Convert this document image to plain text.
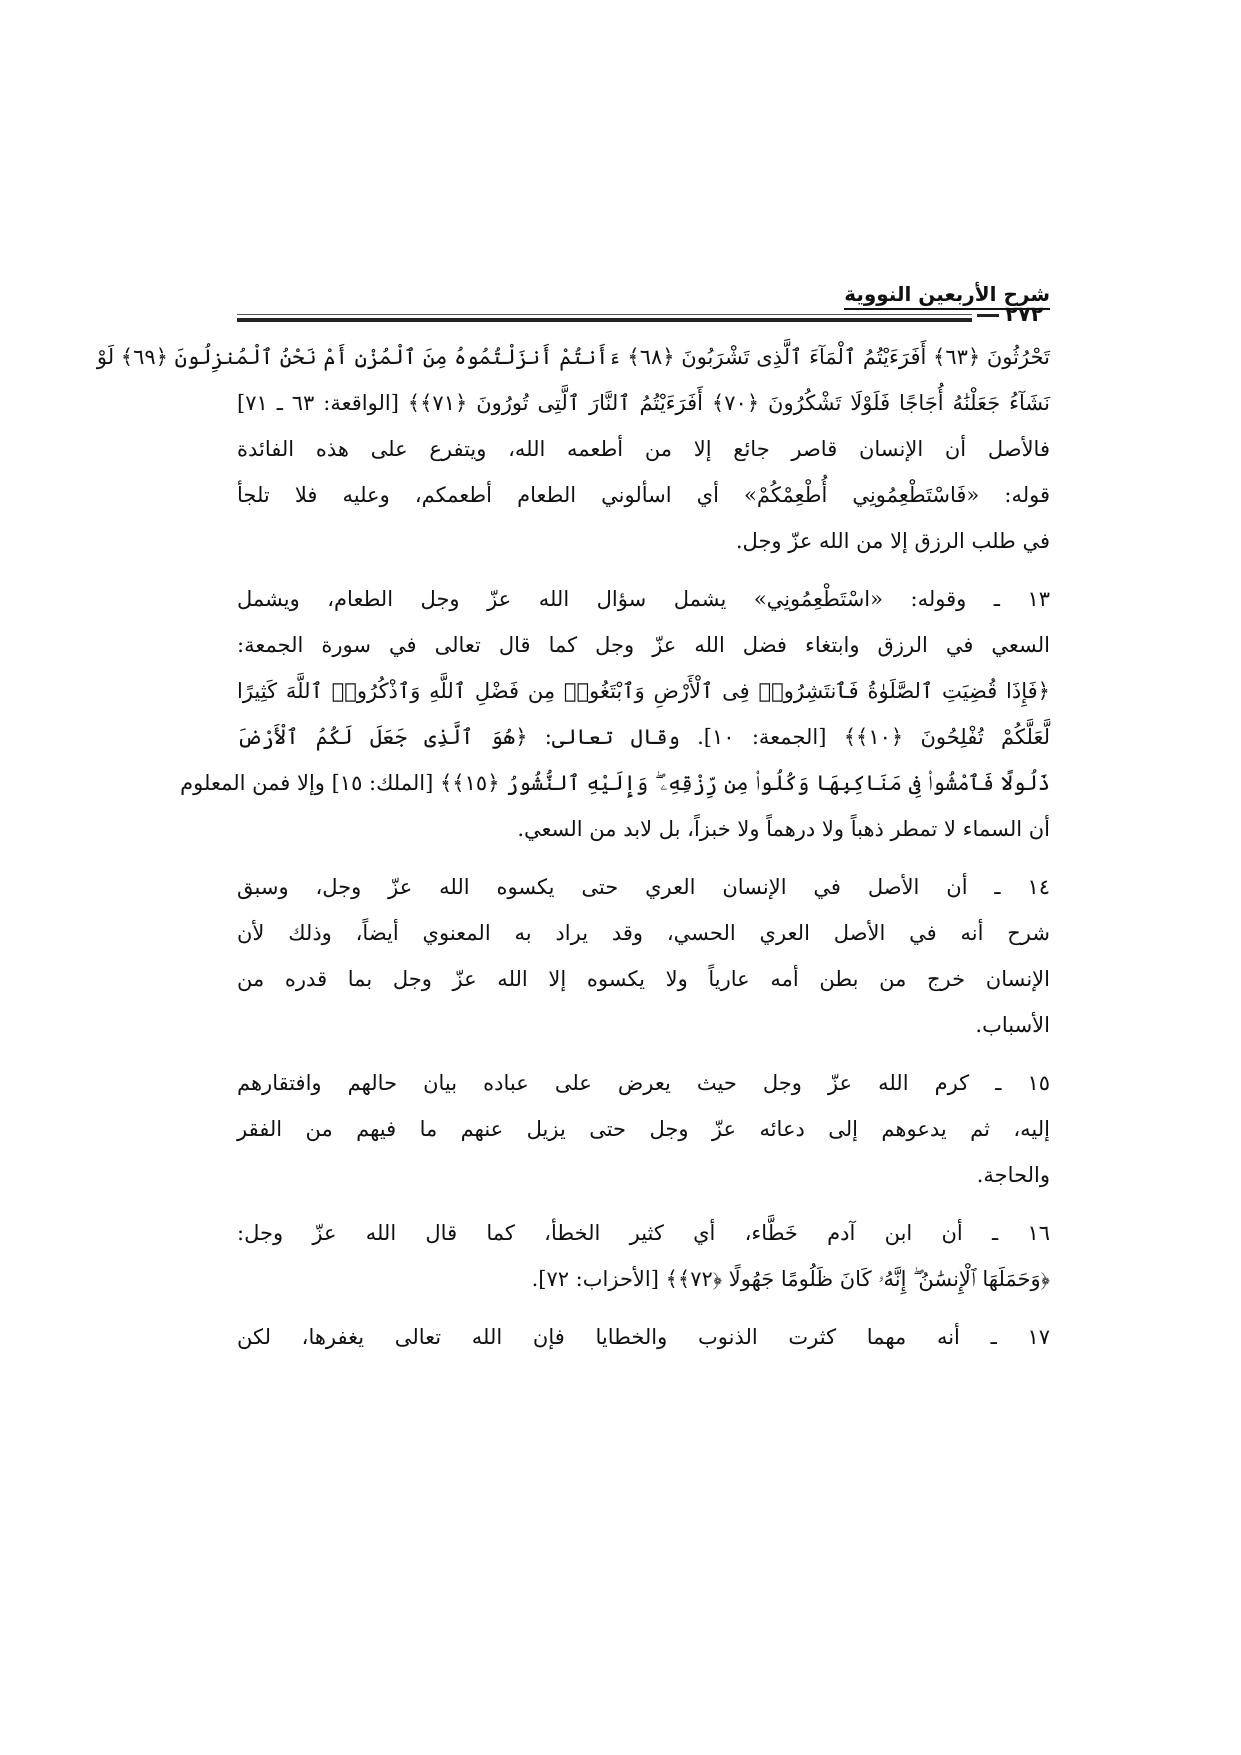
شرح الأربعين النووية
٢٧٢
تَحْرُثُونَ ﴿٦٣﴾ أَفَرَءَيْتُمُ ٱلْمَآءَ ٱلَّذِى تَشْرَبُونَ ﴿٦٨﴾ ءَأَنتُمْ أَنزَلْتُمُوهُ مِنَ ٱلْمُزْنِ أَمْ نَحْنُ ٱلْمُنزِلُونَ ﴿٦٩﴾ لَوْ
نَشَآءُ جَعَلْنَٰهُ أُجَاجًا فَلَوْلَا تَشْكُرُونَ ﴿٧٠﴾ أَفَرَءَيْتُمُ ٱلنَّارَ ٱلَّتِى تُورُونَ ﴿٧١﴾﴾ [الواقعة: ٦٣ ـ ٧١]
فالأصل أن الإنسان قاصر جائع إلا من أطعمه الله، ويتفرع على هذه الفائدة
قوله: «فَاسْتَطْعِمُونِي أُطْعِمْكُمْ» أي اسألوني الطعام أطعمكم، وعليه فلا تلجأ
في طلب الرزق إلا من الله عزّ وجل.
١٣ ـ وقوله: «اسْتَطْعِمُونِي» يشمل سؤال الله عزّ وجل الطعام، ويشمل
السعي في الرزق وابتغاء فضل الله عزّ وجل كما قال تعالى في سورة الجمعة:
﴿فَإِذَا قُضِيَتِ ٱلصَّلَوٰةُ فَٱنتَشِرُوا۟ فِى ٱلْأَرْضِ وَٱبْتَغُوا۟ مِن فَضْلِ ٱللَّهِ وَٱذْكُرُوا۟ ٱللَّهَ كَثِيرًا
لَّعَلَّكُمْ تُفْلِحُونَ ﴿١٠﴾﴾ [الجمعة: ١٠]. وقال تعالى: ﴿هُوَ ٱلَّذِى جَعَلَ لَكُمُ ٱلْأَرْضَ
ذَلُولًا فَٱمْشُوا۟ فِى مَنَاكِبِهَا وَكُلُوا۟ مِن رِّزْقِهِۦ ۖ وَإِلَيْهِ ٱلنُّشُورُ ﴿١٥﴾﴾ [الملك: ١٥] وإلا فمن المعلوم
أن السماء لا تمطر ذهباً ولا درهماً ولا خبزاً، بل لابد من السعي.
١٤ ـ أن الأصل في الإنسان العري حتى يكسوه الله عزّ وجل، وسبق
شرح أنه في الأصل العري الحسي، وقد يراد به المعنوي أيضاً، وذلك لأن
الإنسان خرج من بطن أمه عارياً ولا يكسوه إلا الله عزّ وجل بما قدره من
الأسباب.
١٥ ـ كرم الله عزّ وجل حيث يعرض على عباده بيان حالهم وافتقارهم
إليه، ثم يدعوهم إلى دعائه عزّ وجل حتى يزيل عنهم ما فيهم من الفقر
والحاجة.
١٦ ـ أن ابن آدم خَطَّاء، أي كثير الخطأ، كما قال الله عزّ وجل:
﴿وَحَمَلَهَا ٱلْإِنسَٰنُ ۖ إِنَّهُۥ كَانَ ظَلُومًا جَهُولًا ﴿٧٢﴾﴾ [الأحزاب: ٧٢].
١٧ ـ أنه مهما كثرت الذنوب والخطايا فإن الله تعالى يغفرها، لكن
